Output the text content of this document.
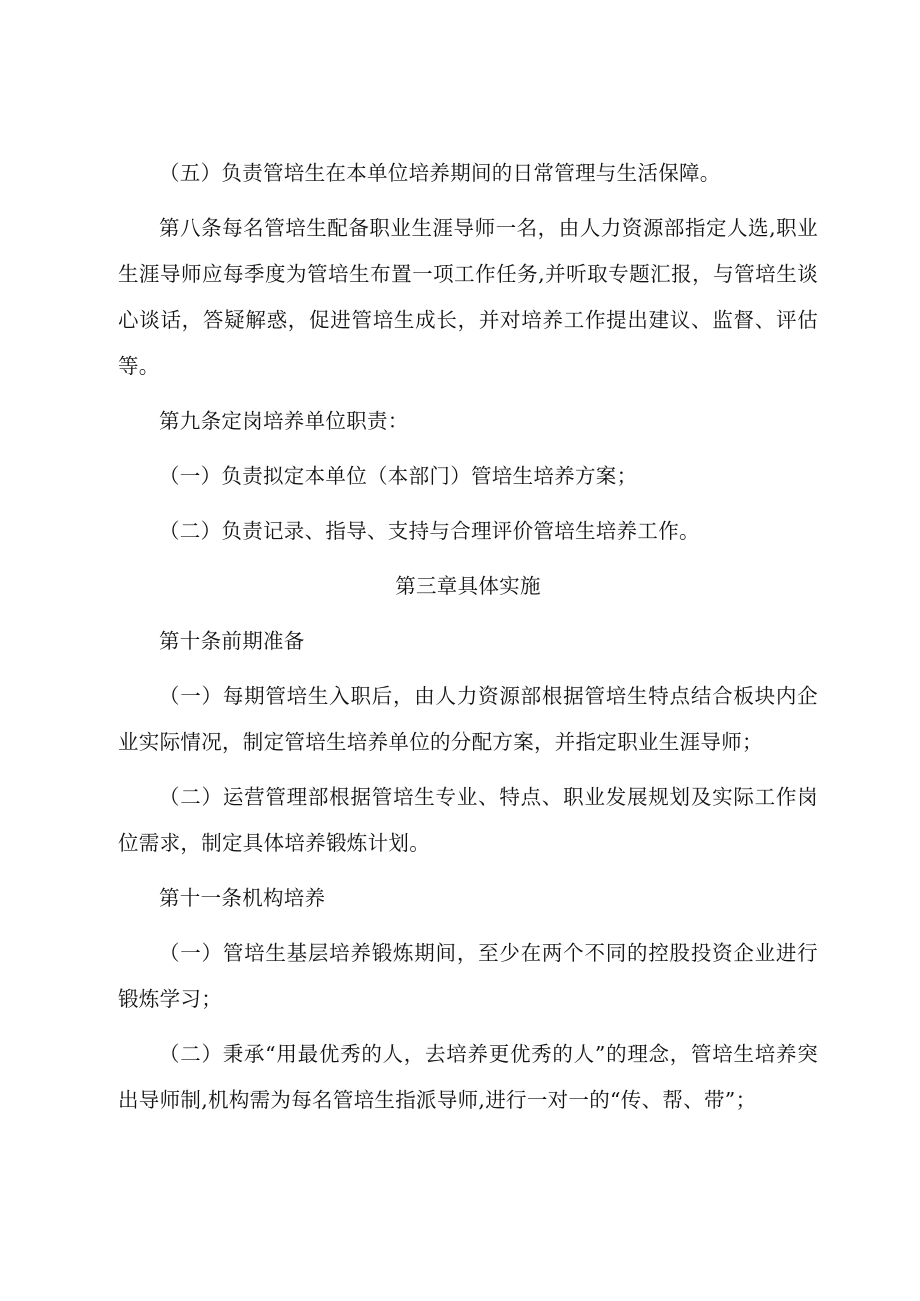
（五）负责管培生在本单位培养期间的日常管理与生活保障。

第八条每名管培生配备职业生涯导师一名，由人力资源部指定人选,职业生涯导师应每季度为管培生布置一项工作任务,并听取专题汇报，与管培生谈心谈话，答疑解惑，促进管培生成长，并对培养工作提出建议、监督、评估等。

第九条定岗培养单位职责：

（一）负责拟定本单位（本部门）管培生培养方案；

（二）负责记录、指导、支持与合理评价管培生培养工作。

第三章具体实施

第十条前期准备

（一）每期管培生入职后，由人力资源部根据管培生特点结合板块内企业实际情况，制定管培生培养单位的分配方案，并指定职业生涯导师；

（二）运营管理部根据管培生专业、特点、职业发展规划及实际工作岗位需求，制定具体培养锻炼计划。

第十一条机构培养

（一）管培生基层培养锻炼期间，至少在两个不同的控股投资企业进行锻炼学习；

（二）秉承“用最优秀的人，去培养更优秀的人”的理念，管培生培养突出导师制,机构需为每名管培生指派导师,进行一对一的“传、帮、带”；
